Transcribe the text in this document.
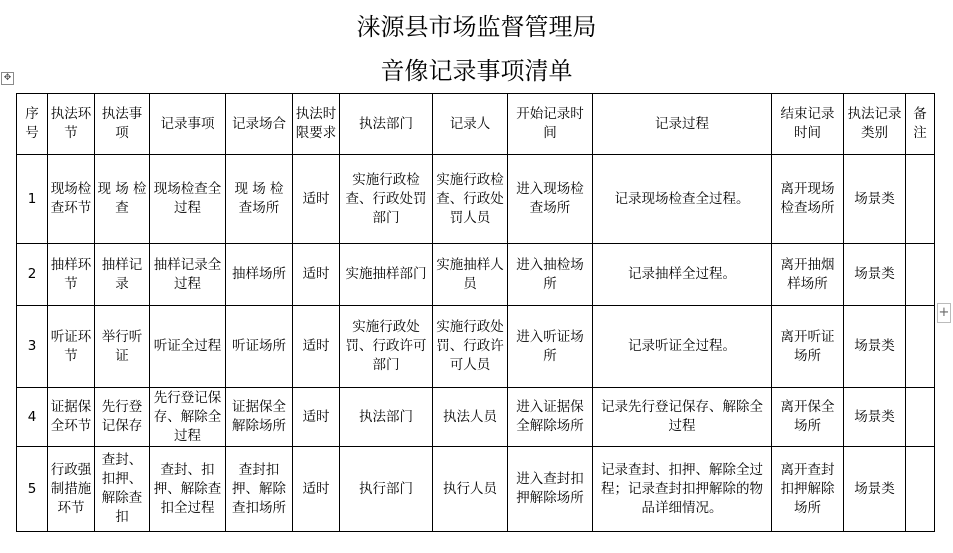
涞源县市场监督管理局
音像记录事项清单
✥
+
序号	执法环节	执法事项	记录事项	记录场合	执法时限要求	执法部门	记录人	开始记录时间	记录过程	结束记录时间	执法记录类别	备注
1	现场检查环节	现 场 检查	现场检查全过程	现 场 检查场所	适时	实施行政检查、行政处罚部门	实施行政检查、行政处罚人员	进入现场检查场所	记录现场检查全过程。	离开现场检查场所	场景类	
2	抽样环节	抽样记录	抽样记录全过程	抽样场所	适时	实施抽样部门	实施抽样人员	进入抽检场所	记录抽样全过程。	离开抽烟样场所	场景类	
3	听证环节	举行听证	听证全过程	听证场所	适时	实施行政处罚、行政许可部门	实施行政处罚、行政许可人员	进入听证场所	记录听证全过程。	离开听证场所	场景类	
4	证据保全环节	先行登记保存	先行登记保存、解除全过程	证据保全解除场所	适时	执法部门	执法人员	进入证据保全解除场所	记录先行登记保存、解除全过程	离开保全场所	场景类	
5	行政强制措施环节	查封、扣押、解除查扣	查封、扣押、解除查扣全过程	查封扣押、解除查扣场所	适时	执行部门	执行人员	进入查封扣押解除场所	记录查封、扣押、解除全过程；记录查封扣押解除的物品详细情况。	离开查封扣押解除场所	场景类	
